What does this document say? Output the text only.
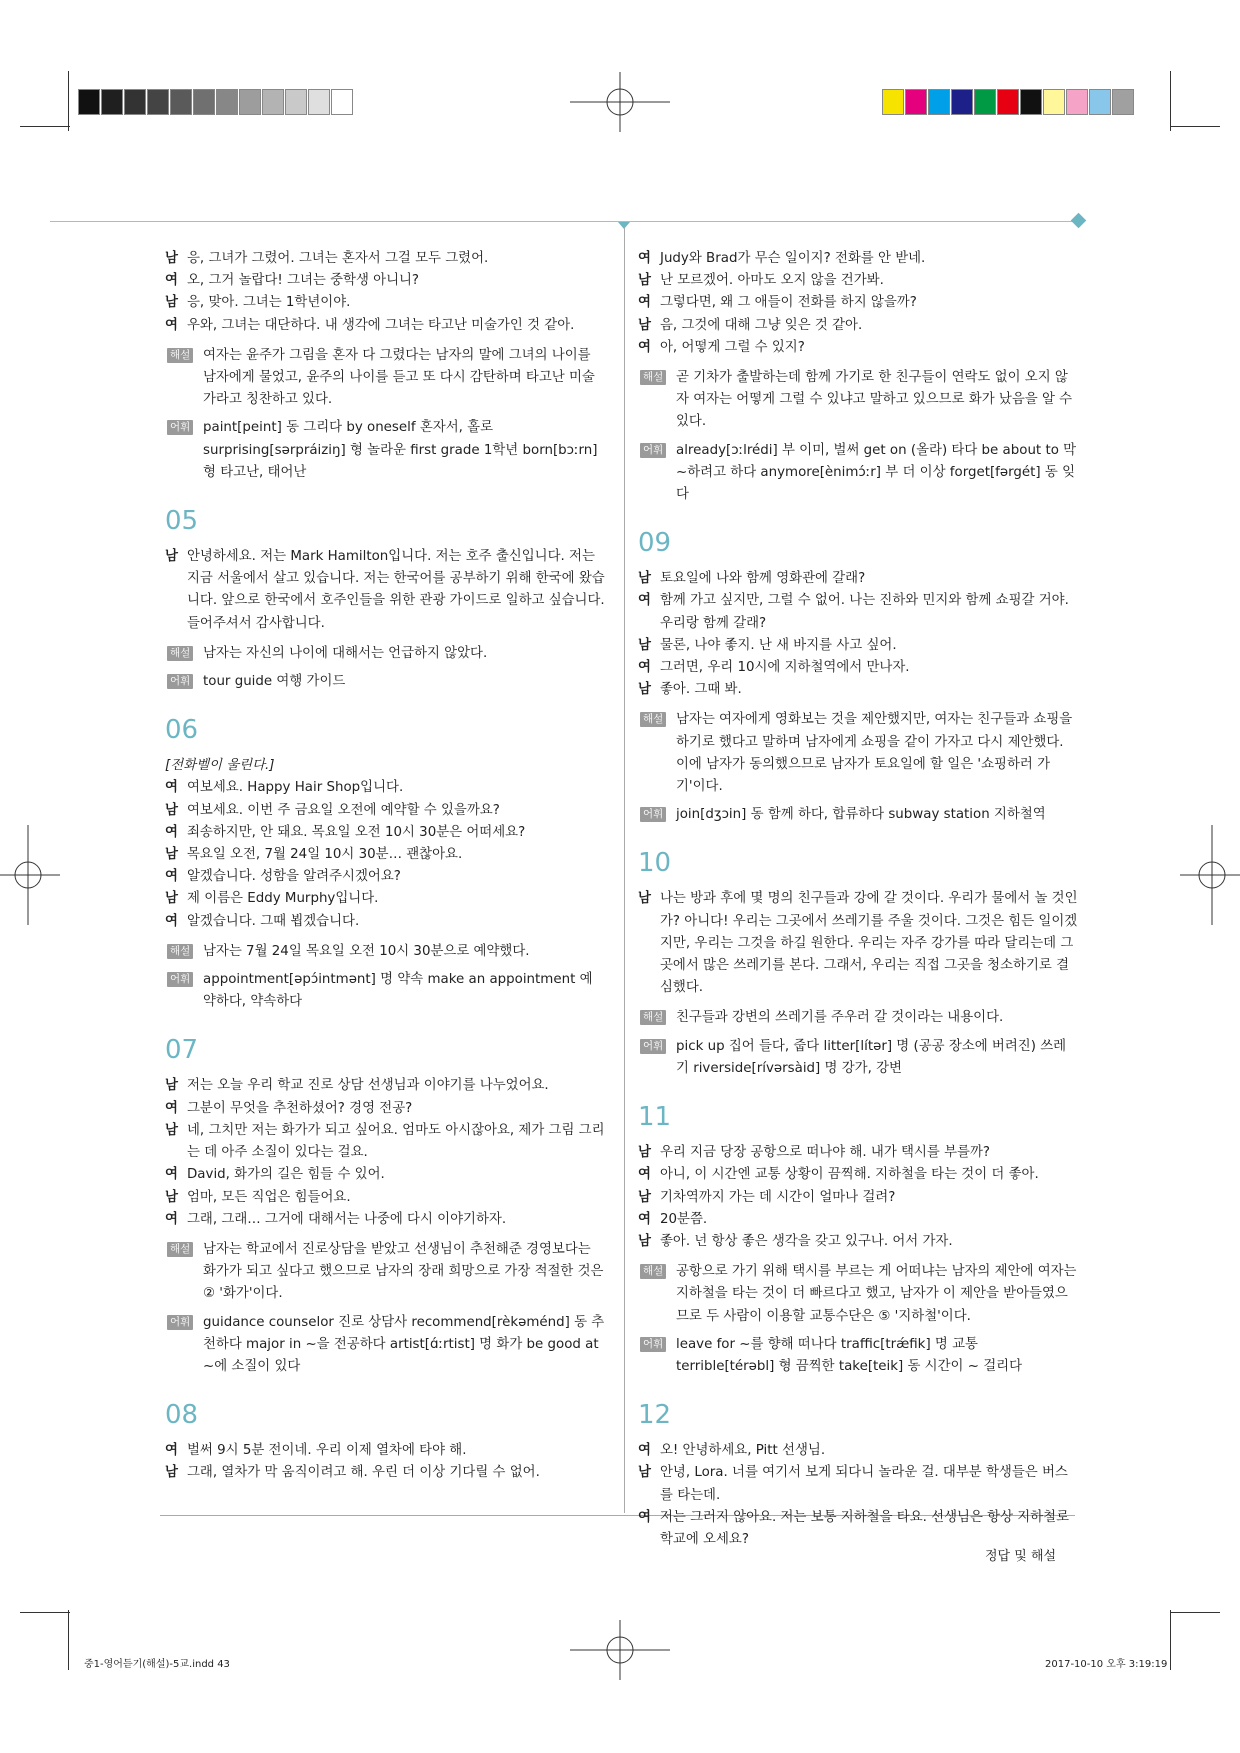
남 응, 그녀가 그렸어. 그녀는 혼자서 그걸 모두 그렸어.
여 오, 그거 놀랍다! 그녀는 중학생 아니니?
남 응, 맞아. 그녀는 1학년이야.
여 우와, 그녀는 대단하다. 내 생각에 그녀는 타고난 미술가인 것 같아.
해설 여자는 윤주가 그림을 혼자 다 그렸다는 남자의 말에 그녀의 나이를 남자에게 물었고, 윤주의 나이를 듣고 또 다시 감탄하며 타고난 미술가라고 칭찬하고 있다.
어휘 paint[peint] 동 그리다 by oneself 혼자서, 홀로 surprising[sərpráiziŋ] 형 놀라운 first grade 1학년 born[bɔːrn] 형 타고난, 태어난
05
남 안녕하세요. 저는 Mark Hamilton입니다. 저는 호주 출신입니다. 저는 지금 서울에서 살고 있습니다. 저는 한국어를 공부하기 위해 한국에 왔습니다. 앞으로 한국에서 호주인들을 위한 관광 가이드로 일하고 싶습니다. 들어주셔서 감사합니다.
해설 남자는 자신의 나이에 대해서는 언급하지 않았다.
어휘 tour guide 여행 가이드
06
[전화벨이 울린다.]
여 여보세요. Happy Hair Shop입니다.
남 여보세요. 이번 주 금요일 오전에 예약할 수 있을까요?
여 죄송하지만, 안 돼요. 목요일 오전 10시 30분은 어떠세요?
남 목요일 오전, 7월 24일 10시 30분… 괜찮아요.
여 알겠습니다. 성함을 알려주시겠어요?
남 제 이름은 Eddy Murphy입니다.
여 알겠습니다. 그때 뵙겠습니다.
해설 남자는 7월 24일 목요일 오전 10시 30분으로 예약했다.
어휘 appointment[əpɔ́intmənt] 명 약속 make an appointment 예약하다, 약속하다
07
남 저는 오늘 우리 학교 진로 상담 선생님과 이야기를 나누었어요.
여 그분이 무엇을 추천하셨어? 경영 전공?
남 네, 그치만 저는 화가가 되고 싶어요. 엄마도 아시잖아요, 제가 그림 그리는 데 아주 소질이 있다는 걸요.
여 David, 화가의 길은 힘들 수 있어.
남 엄마, 모든 직업은 힘들어요.
여 그래, 그래… 그거에 대해서는 나중에 다시 이야기하자.
해설 남자는 학교에서 진로상담을 받았고 선생님이 추천해준 경영보다는 화가가 되고 싶다고 했으므로 남자의 장래 희망으로 가장 적절한 것은 ② '화가'이다.
어휘 guidance counselor 진로 상담사 recommend[rèkəménd] 동 추천하다 major in ~을 전공하다 artist[ɑ́ːrtist] 명 화가 be good at ~에 소질이 있다
08
여 벌써 9시 5분 전이네. 우리 이제 열차에 타야 해.
남 그래, 열차가 막 움직이려고 해. 우린 더 이상 기다릴 수 없어.
여 Judy와 Brad가 무슨 일이지? 전화를 안 받네.
남 난 모르겠어. 아마도 오지 않을 건가봐.
여 그렇다면, 왜 그 애들이 전화를 하지 않을까?
남 음, 그것에 대해 그냥 잊은 것 같아.
여 아, 어떻게 그럴 수 있지?
해설 곧 기차가 출발하는데 함께 가기로 한 친구들이 연락도 없이 오지 않자 여자는 어떻게 그럴 수 있냐고 말하고 있으므로 화가 났음을 알 수 있다.
어휘 already[ɔːlrédi] 부 이미, 벌써 get on (올라) 타다 be about to 막 ~하려고 하다 anymore[ènimɔ́ːr] 부 더 이상 forget[fərgét] 동 잊다
09
남 토요일에 나와 함께 영화관에 갈래?
여 함께 가고 싶지만, 그럴 수 없어. 나는 진하와 민지와 함께 쇼핑갈 거야. 우리랑 함께 갈래?
남 물론, 나야 좋지. 난 새 바지를 사고 싶어.
여 그러면, 우리 10시에 지하철역에서 만나자.
남 좋아. 그때 봐.
해설 남자는 여자에게 영화보는 것을 제안했지만, 여자는 친구들과 쇼핑을 하기로 했다고 말하며 남자에게 쇼핑을 같이 가자고 다시 제안했다. 이에 남자가 동의했으므로 남자가 토요일에 할 일은 '쇼핑하러 가기'이다.
어휘 join[dʒɔin] 동 함께 하다, 합류하다 subway station 지하철역
10
남 나는 방과 후에 몇 명의 친구들과 강에 갈 것이다. 우리가 물에서 놀 것인가? 아니다! 우리는 그곳에서 쓰레기를 주울 것이다. 그것은 힘든 일이겠지만, 우리는 그것을 하길 원한다. 우리는 자주 강가를 따라 달리는데 그곳에서 많은 쓰레기를 본다. 그래서, 우리는 직접 그곳을 청소하기로 결심했다.
해설 친구들과 강변의 쓰레기를 주우러 갈 것이라는 내용이다.
어휘 pick up 집어 들다, 줍다 litter[lítər] 명 (공공 장소에 버려진) 쓰레기 riverside[rívərsàid] 명 강가, 강변
11
남 우리 지금 당장 공항으로 떠나야 해. 내가 택시를 부를까?
여 아니, 이 시간엔 교통 상황이 끔찍해. 지하철을 타는 것이 더 좋아.
남 기차역까지 가는 데 시간이 얼마나 걸려?
여 20분쯤.
남 좋아. 넌 항상 좋은 생각을 갖고 있구나. 어서 가자.
해설 공항으로 가기 위해 택시를 부르는 게 어떠냐는 남자의 제안에 여자는 지하철을 타는 것이 더 빠르다고 했고, 남자가 이 제안을 받아들였으므로 두 사람이 이용할 교통수단은 ⑤ '지하철'이다.
어휘 leave for ~를 향해 떠나다 traffic[trǽfik] 명 교통 terrible[térəbl] 형 끔찍한 take[teik] 동 시간이 ~ 걸리다
12
여 오! 안녕하세요, Pitt 선생님.
남 안녕, Lora. 너를 여기서 보게 되다니 놀라운 걸. 대부분 학생들은 버스를 타는데.
여 저는 그러지 않아요. 저는 보통 지하철을 타요. 선생님은 항상 지하철로 학교에 오세요?
정답 및 해설
중1-영어듣기(해설)-5교.indd 43	2017-10-10 오후 3:19:19
